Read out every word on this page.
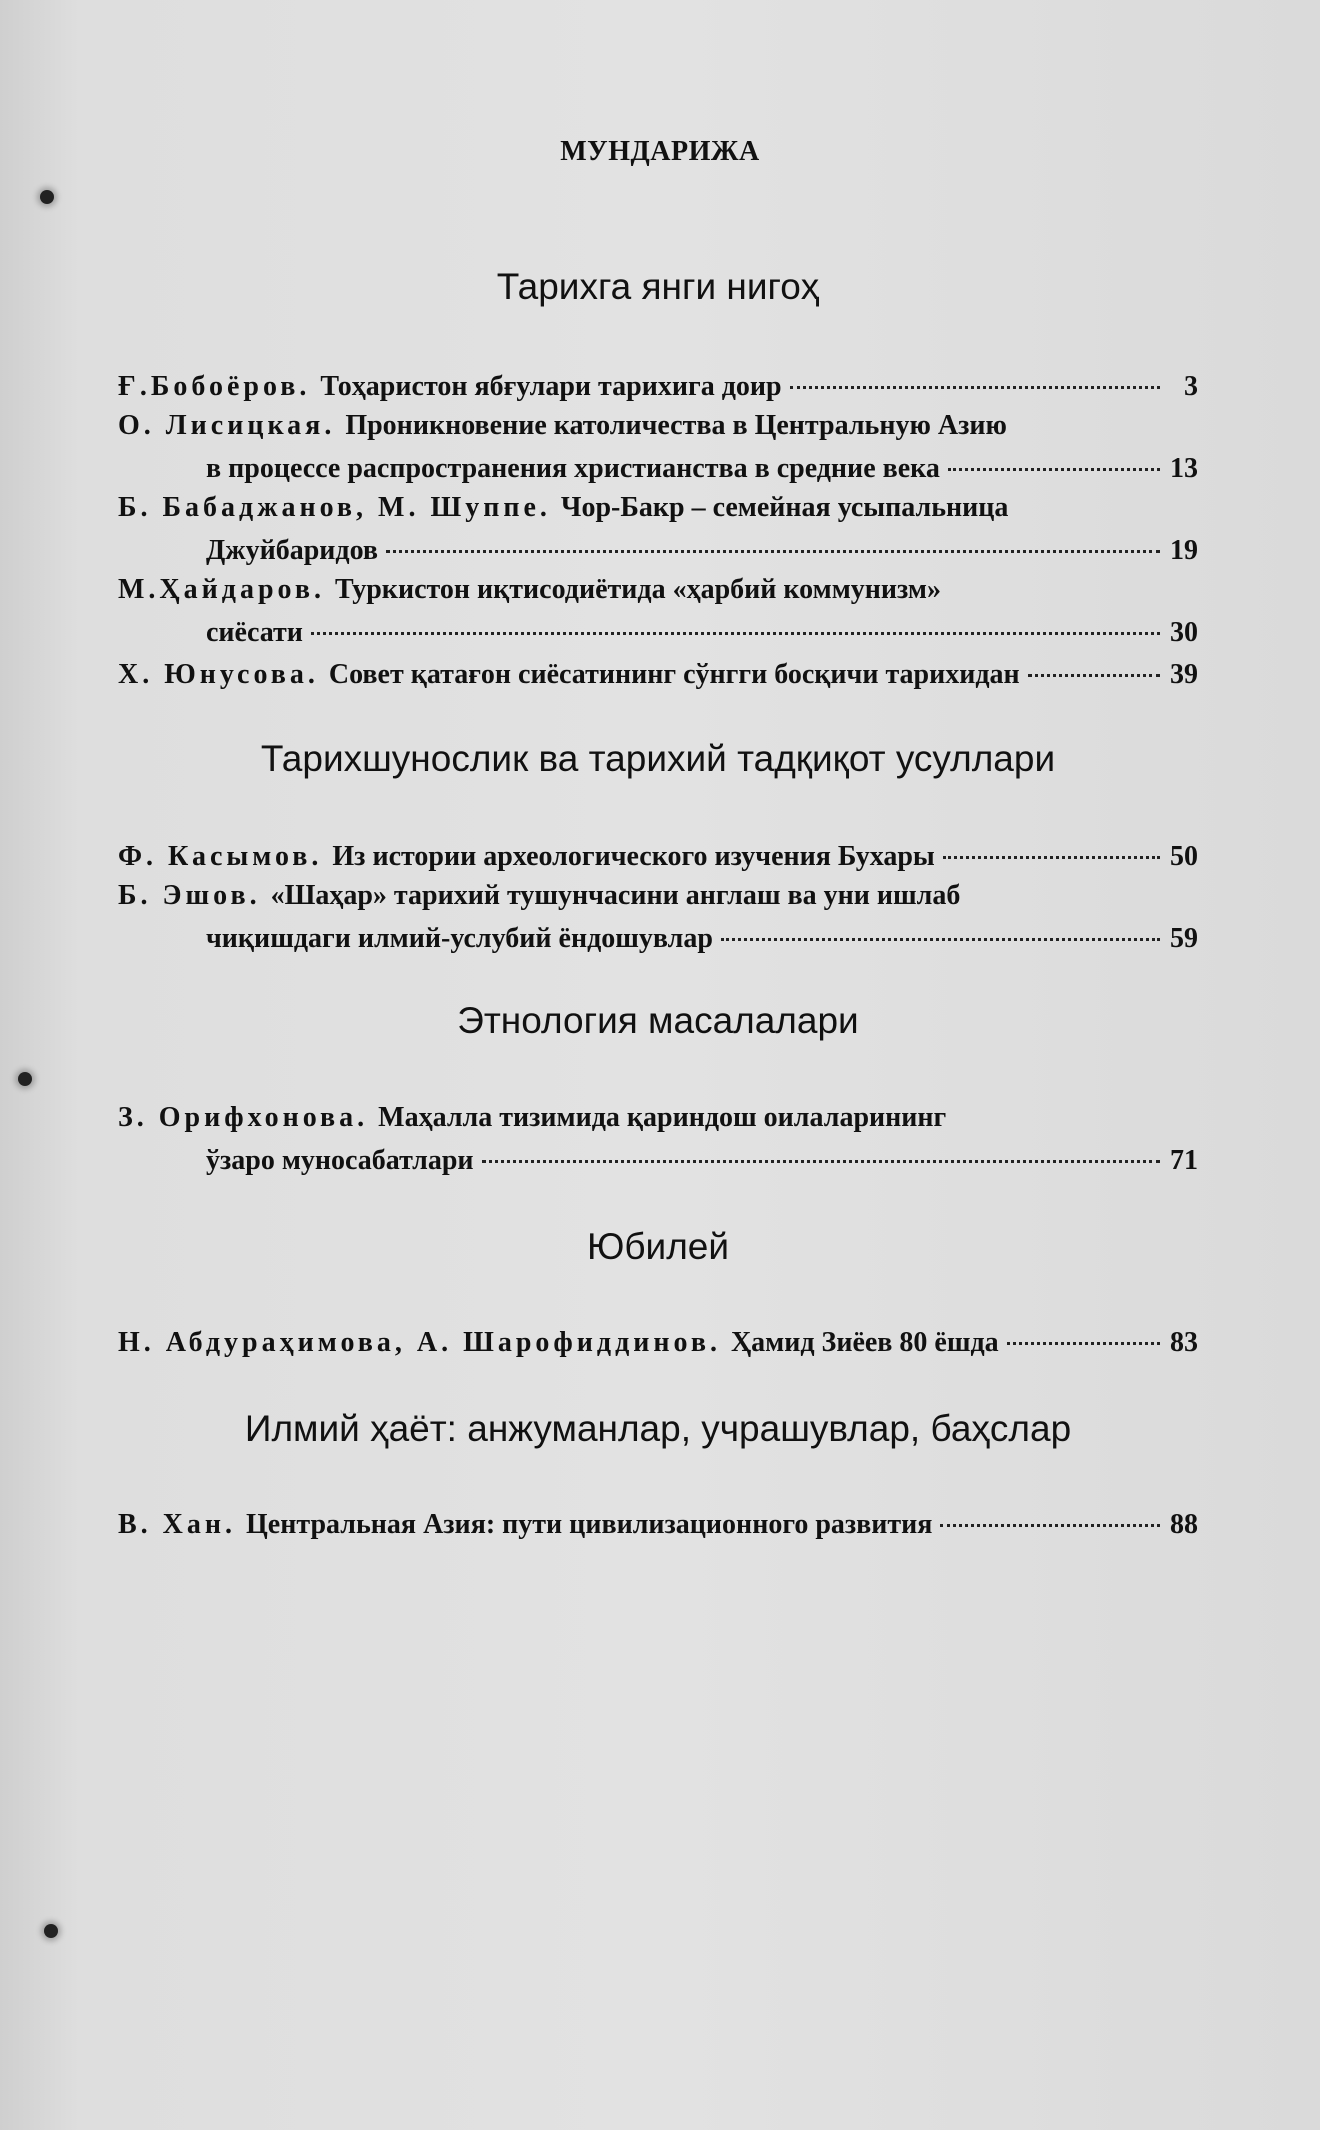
МУНДАРИЖА
Тарихга янги нигоҳ
Ғ.Бобоёров. Тоҳаристон ябғулари тарихига доир	3
О. Лисицкая. Проникновение католичества в Центральную Азию
в процессе распространения христианства в средние века	13
Б. Бабаджанов, М. Шуппе. Чор-Бакр – семейная усыпальница
Джуйбаридов	19
М.Ҳайдаров. Туркистон иқтисодиётида «ҳарбий коммунизм»
сиёсати	30
Х. Юнусова. Совет қатағон сиёсатининг сўнгги босқичи тарихидан	39
Тарихшунослик ва тарихий тадқиқот усуллари
Ф. Касымов. Из истории археологического изучения Бухары	50
Б. Эшов. «Шаҳар» тарихий тушунчасини англаш ва уни ишлаб
чиқишдаги илмий-услубий ёндошувлар	59
Этнология масалалари
З. Орифхонова. Маҳалла тизимида қариндош оилаларининг
ўзаро муносабатлари	71
Юбилей
Н. Абдураҳимова, А. Шарофиддинов. Ҳамид Зиёев 80 ёшда	83
Илмий ҳаёт: анжуманлар, учрашувлар, баҳслар
В. Хан. Центральная Азия: пути цивилизационного развития	88
